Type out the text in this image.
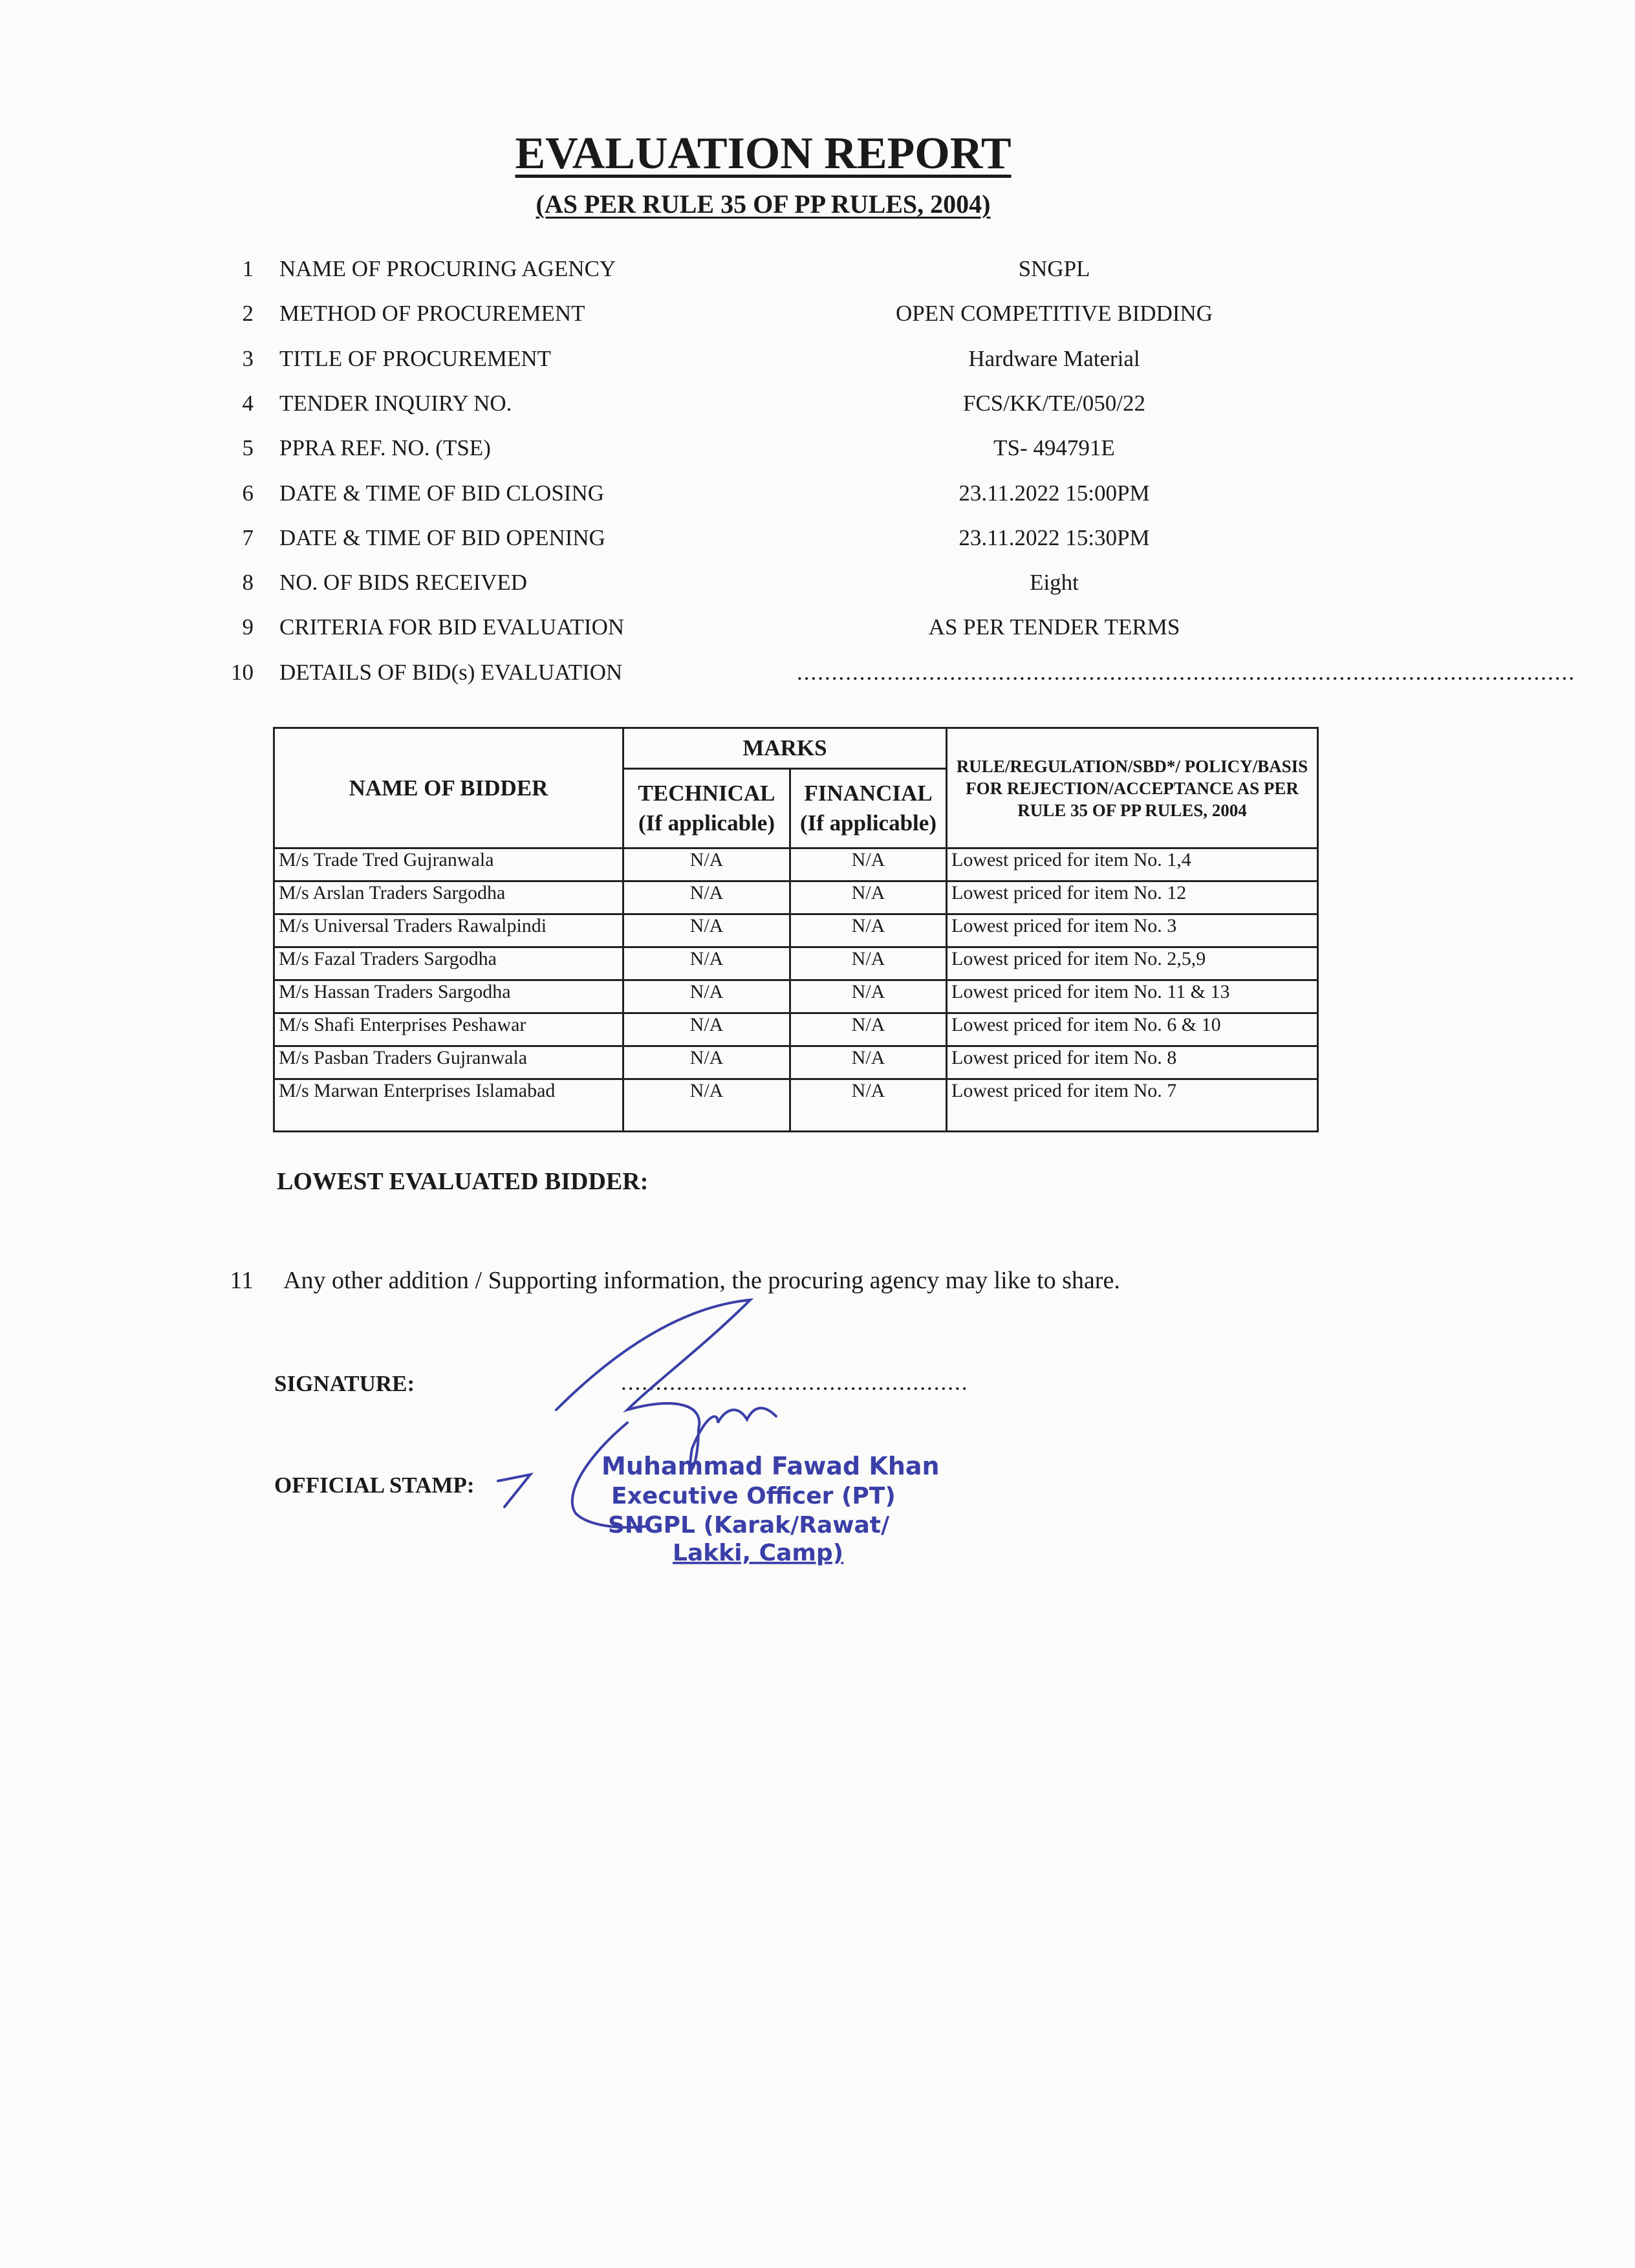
EVALUATION REPORT
(AS PER RULE 35 OF PP RULES, 2004)
1 NAME OF PROCURING AGENCY	SNGPL
2 METHOD OF PROCUREMENT	OPEN COMPETITIVE BIDDING
3 TITLE OF PROCUREMENT	Hardware Material
4 TENDER INQUIRY NO.	FCS/KK/TE/050/22
5 PPRA REF. NO. (TSE)	TS- 494791E
6 DATE & TIME OF BID CLOSING	23.11.2022 15:00PM
7 DATE & TIME OF BID OPENING	23.11.2022 15:30PM
8 NO. OF BIDS RECEIVED	Eight
9 CRITERIA FOR BID EVALUATION	AS PER TENDER TERMS
10 DETAILS OF BID(s) EVALUATION	................................................................................................................
NAME OF BIDDER	MARKS		RULE/REGULATION/SBD*/ POLICY/BASIS FOR REJECTION/ACCEPTANCE AS PER RULE 35 OF PP RULES, 2004
	TECHNICAL (If applicable)	FINANCIAL (If applicable)	
M/s Trade Tred Gujranwala	N/A	N/A	Lowest priced for item No. 1,4
M/s Arslan Traders Sargodha	N/A	N/A	Lowest priced for item No. 12
M/s Universal Traders Rawalpindi	N/A	N/A	Lowest priced for item No. 3
M/s Fazal Traders Sargodha	N/A	N/A	Lowest priced for item No. 2,5,9
M/s Hassan Traders Sargodha	N/A	N/A	Lowest priced for item No. 11 & 13
M/s Shafi Enterprises Peshawar	N/A	N/A	Lowest priced for item No. 6 & 10
M/s Pasban Traders Gujranwala	N/A	N/A	Lowest priced for item No. 8
M/s Marwan Enterprises Islamabad	N/A	N/A	Lowest priced for item No. 7
LOWEST EVALUATED BIDDER:
11 Any other addition / Supporting information, the procuring agency may like to share.
SIGNATURE:	..................................................
OFFICIAL STAMP:
Muhammad Fawad Khan
Executive Officer (PT)
SNGPL (Karak/Rawat/
Lakki, Camp)
